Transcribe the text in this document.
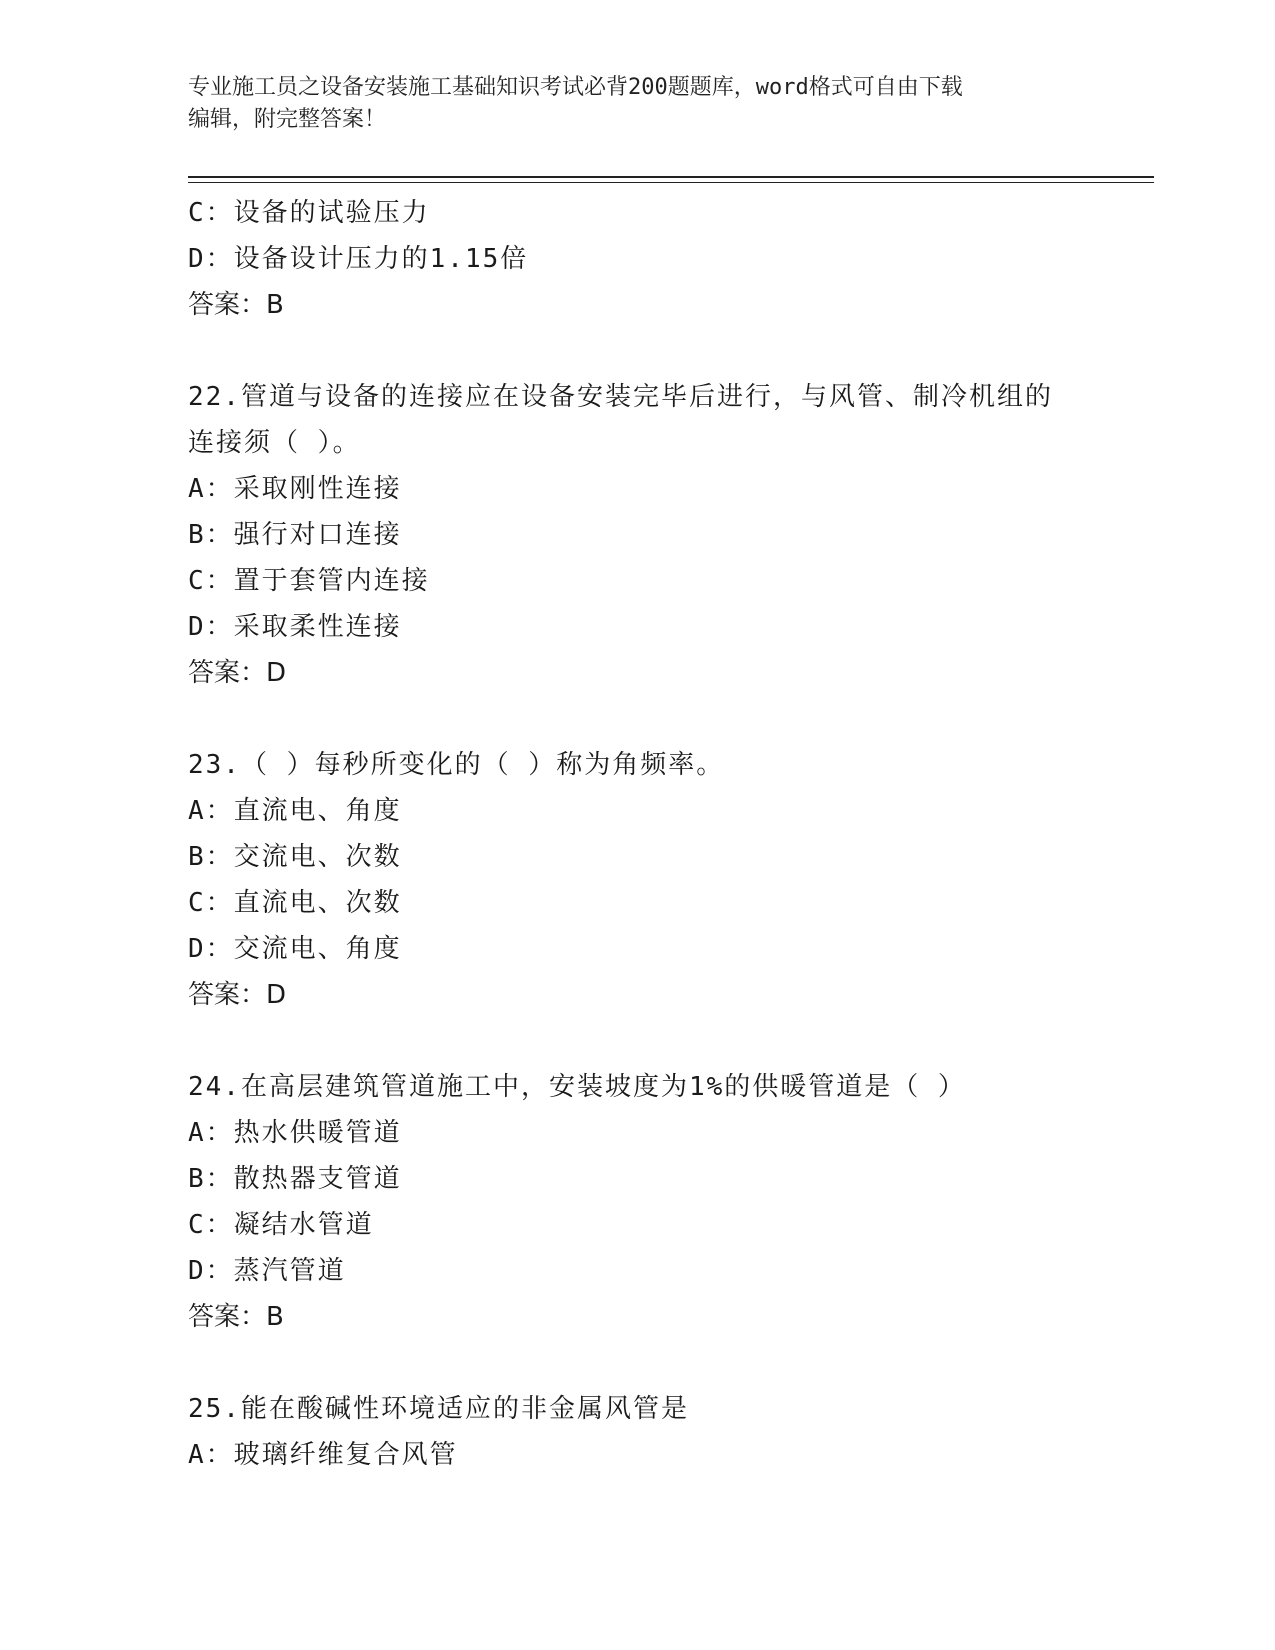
专业施工员之设备安装施工基础知识考试必背200题题库，word格式可自由下载
编辑，附完整答案！
C：设备的试验压力
D：设备设计压力的1.15倍
答案：B
22.管道与设备的连接应在设备安装完毕后进行，与风管、制冷机组的
连接须（ ）。
A：采取刚性连接
B：强行对口连接
C：置于套管内连接
D：采取柔性连接
答案：D
23.（ ）每秒所变化的（ ）称为角频率。
A：直流电、角度
B：交流电、次数
C：直流电、次数
D：交流电、角度
答案：D
24.在高层建筑管道施工中，安装坡度为1%的供暖管道是（ ）
A：热水供暖管道
B：散热器支管道
C：凝结水管道
D：蒸汽管道
答案：B
25.能在酸碱性环境适应的非金属风管是
A：玻璃纤维复合风管
